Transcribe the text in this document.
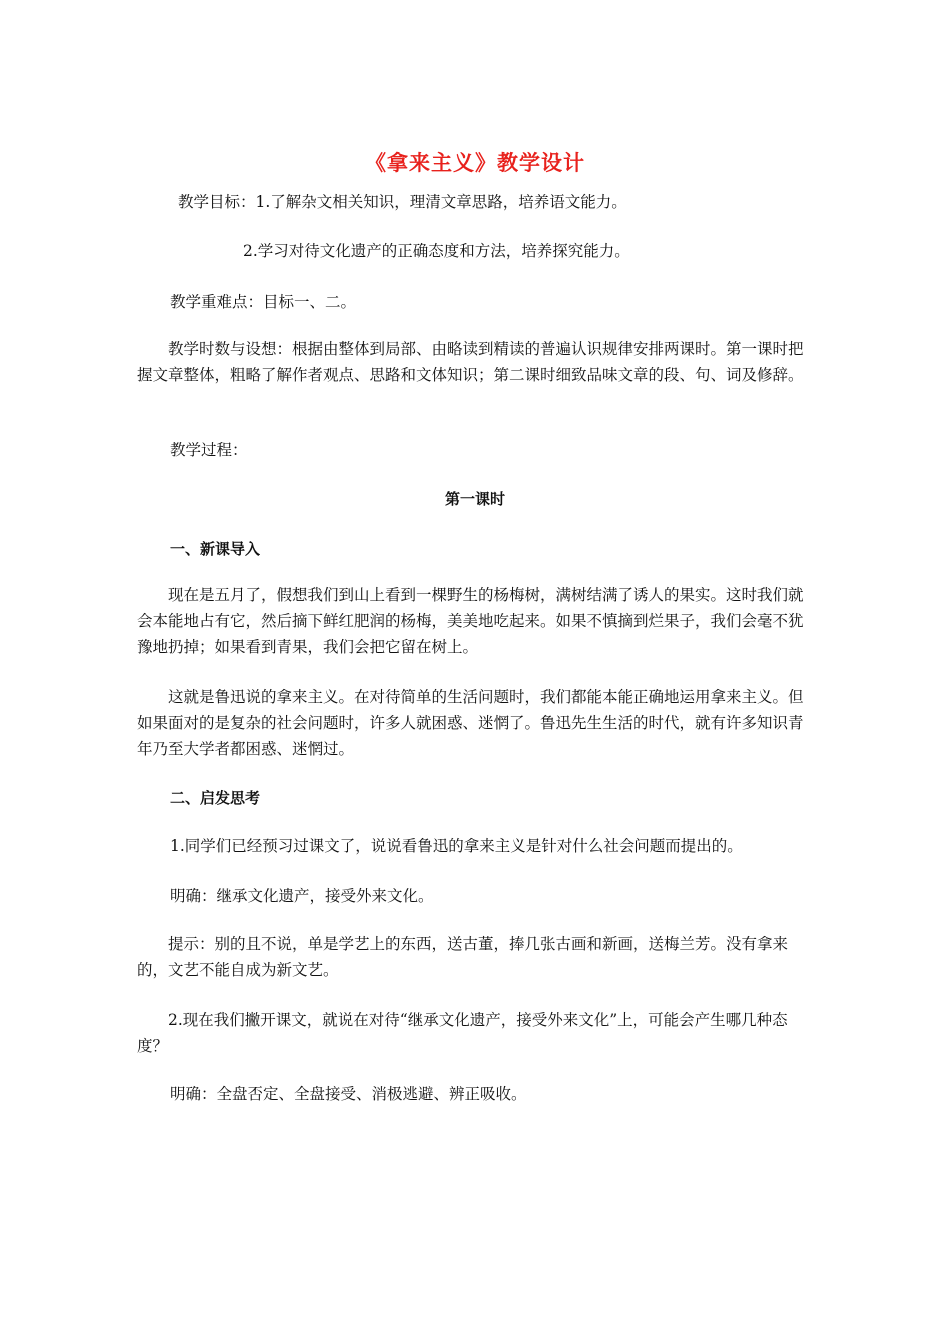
《拿来主义》教学设计
教学目标：1.了解杂文相关知识，理清文章思路，培养语文能力。
2.学习对待文化遗产的正确态度和方法，培养探究能力。
教学重难点：目标一、二。
教学时数与设想：根据由整体到局部、由略读到精读的普遍认识规律安排两课时。第一课时把握文章整体，粗略了解作者观点、思路和文体知识；第二课时细致品味文章的段、句、词及修辞。
教学过程：
第一课时
一、新课导入
现在是五月了，假想我们到山上看到一棵野生的杨梅树，满树结满了诱人的果实。这时我们就会本能地占有它，然后摘下鲜红肥润的杨梅，美美地吃起来。如果不慎摘到烂果子，我们会毫不犹豫地扔掉；如果看到青果，我们会把它留在树上。
这就是鲁迅说的拿来主义。在对待简单的生活问题时，我们都能本能正确地运用拿来主义。但如果面对的是复杂的社会问题时，许多人就困惑、迷惘了。鲁迅先生生活的时代，就有许多知识青年乃至大学者都困惑、迷惘过。
二、启发思考
1.同学们已经预习过课文了，说说看鲁迅的拿来主义是针对什么社会问题而提出的。
明确：继承文化遗产，接受外来文化。
提示：别的且不说，单是学艺上的东西，送古董，捧几张古画和新画，送梅兰芳。没有拿来的，文艺不能自成为新文艺。
2.现在我们撇开课文，就说在对待“继承文化遗产，接受外来文化”上，可能会产生哪几种态度？
明确：全盘否定、全盘接受、消极逃避、辨正吸收。
